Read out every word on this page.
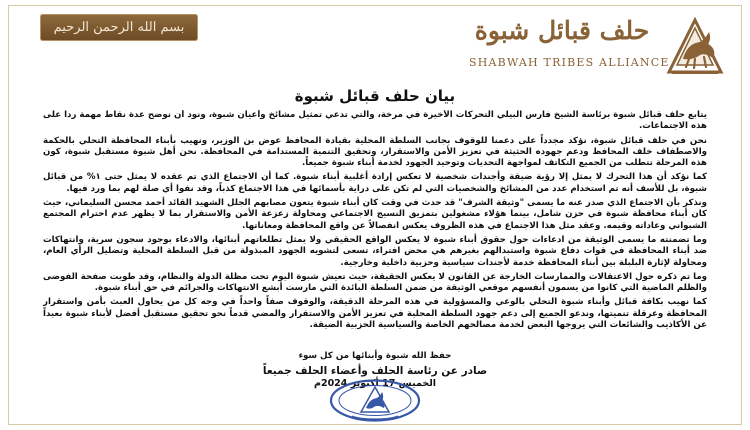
بسم الله الرحمن الرحيم	حلف قبائل شبوة
SHABWAH TRIBES ALLIANCE
بيان حلف قبائل شبوة

يتابع حلف قبائل شبوة برئاسة الشيخ فارس البيلي التحركات الأخيرة في مرخة، والتي تدعي تمثيل مشائخ وأعيان شبوة، ونود أن نوضح عدة نقاط مهمة رداً على هذه الاجتماعات.

نحن في حلف قبائل شبوة، نؤكد مجدداً على دعمنا للوقوف بجانب السلطة المحلية بقيادة المحافظ عوض بن الوزير، ونهيب بأبناء المحافظة التحلي بالحكمة والاصطفاف خلف المحافظ ودعم جهوده الحثيثة في تعزيز الأمن والاستقرار، وتحقيق التنمية المستدامة في المحافظة. نحن أهل شبوة مستقبل شبوة، كون هذه المرحلة تتطلب من الجميع التكاتف لمواجهة التحديات وتوحيد الجهود لخدمة أبناء شبوة جميعاً.

كما نؤكد أن هذا التحرك لا يمثل إلا رؤية ضيقة وأجندات شخصية لا تعكس إرادة أغلبية أبناء شبوة. كما أن الاجتماع الذي تم عقده لا يمثل حتى ١% من قبائل شبوة، بل للأسف أنه تم استخدام عدد من المشائخ والشخصيات التي لم تكن على دراية بأسمائها في هذا الاجتماع كذباً، وقد نفوا أي صلة لهم بما ورد فيها.

ونذكر بأن الاجتماع الذي صدر عنه ما يسمى "وثيقة الشرف" قد حدث في وقت كان أبناء شبوة يتعون مصابهم الجلل الشهيد القائد أحمد محسن السليماني، حيث كان أبناء محافظة شبوة في حزن شامل، بينما هؤلاء مشغولين بتمزيق النسيج الاجتماعي ومحاولة زعزعة الأمن والاستقرار بما لا يظهر عدم احترام المجتمع الشبواني وعاداته وقيمه. وعقد مثل هذا الاجتماع في هذه الظروف يعكس انفصالاً عن واقع المحافظة ومعاناتها.

وما تضمنته ما يسمى الوثيقة من ادعاءات حول حقوق أبناء شبوة لا يعكس الواقع الحقيقي ولا يمثل تطلعاتهم أبنائها، والادعاء بوجود سجون سرية، وانتهاكات ضد أبناء المحافظة في قوات دفاع شبوة واستبدالهم بغيرهم هي محض افتراء، تسعى لتشويه الجهود المبذولة من قبل السلطة المحلية وتضليل الرأي العام، ومحاولة لإثارة البلبلة بين أبناء المحافظة خدمة لأجندات سياسية وحزبية داخلية وخارجية.

وما تم ذكره حول الاعتقالات والممارسات الخارجة عن القانون لا يعكس الحقيقة، حيث تعيش شبوة اليوم تحت مظلة الدولة والنظام، وقد طويت صفحة الفوضى والظلم الماضية التي كانوا من يسمون أنفسهم موقعي الوثيقة من ضمن السلطة البائدة التي مارست أبشع الانتهاكات والجرائم في حق أبناء شبوة.

كما نهيب بكافة قبائل وأبناء شبوة التحلي بالوعي والمسؤولية في هذه المرحلة الدقيقة، والوقوف صفاً واحداً في وجه كل من يحاول العبث بأمن واستقرار المحافظة وعرقلة تنميتها، وندعو الجميع إلى دعم جهود السلطة المحلية في تعزيز الأمن والاستقرار والمضي قدماً نحو تحقيق مستقبل أفضل لأبناء شبوة بعيداً عن الأكاذيب والشائعات التي يروجها البعض لخدمة مصالحهم الخاصة والسياسية الحزبية الضيقة.

حفظ الله شبوة وأبنائها من كل سوء

صادر عن رئاسة الحلف وأعضاء الحلف جميعاً

الخميس 17 أكتوبر 2024م
